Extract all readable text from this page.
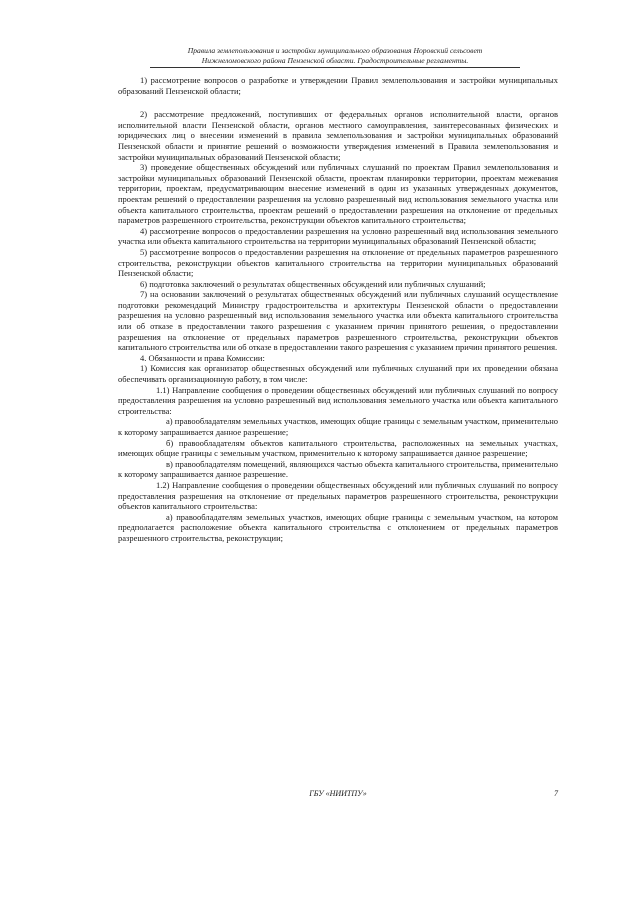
Правила землепользования и застройки муниципального образования Норовский сельсовет
Нижнеломовского района Пензенской области. Градостроительные регламенты.

1) рассмотрение вопросов о разработке и утверждении Правил землепользования и застройки муниципальных образований Пензенской области;

2) рассмотрение предложений, поступивших от федеральных органов исполнительной власти, органов исполнительной власти Пензенской области, органов местного самоуправления, заинтересованных физических и юридических лиц о внесении изменений в правила землепользования и застройки муниципальных образований Пензенской области и принятие решений о возможности утверждения изменений в Правила землепользования и застройки муниципальных образований Пензенской области;

3) проведение общественных обсуждений или публичных слушаний по проектам Правил землепользования и застройки муниципальных образований Пензенской области, проектам планировки территории, проектам межевания территории, проектам, предусматривающим внесение изменений в один из указанных утвержденных документов, проектам решений о предоставлении разрешения на условно разрешенный вид использования земельного участка или объекта капитального строительства, проектам решений о предоставлении разрешения на отклонение от предельных параметров разрешенного строительства, реконструкции объектов капитального строительства;

4) рассмотрение вопросов о предоставлении разрешения на условно разрешенный вид использования земельного участка или объекта капитального строительства на территории муниципальных образований Пензенской области;

5) рассмотрение вопросов о предоставлении разрешения на отклонение от предельных параметров разрешенного строительства, реконструкции объектов капитального строительства на территории муниципальных образований Пензенской области;

6) подготовка заключений о результатах общественных обсуждений или публичных слушаний;

7) на основании заключений о результатах общественных обсуждений или публичных слушаний осуществление подготовки рекомендаций Министру градостроительства и архитектуры Пензенской области о предоставлении разрешения на условно разрешенный вид использования земельного участка или объекта капитального строительства или об отказе в предоставлении такого разрешения с указанием причин принятого решения, о предоставлении разрешения на отклонение от предельных параметров разрешенного строительства, реконструкции объектов капитального строительства или об отказе в предоставлении такого разрешения с указанием причин принятого решения.

4. Обязанности и права Комиссии:

1) Комиссия как организатор общественных обсуждений или публичных слушаний при их проведении обязана обеспечивать организационную работу, в том числе:

1.1) Направление сообщения о проведении общественных обсуждений или публичных слушаний по вопросу предоставления разрешения на условно разрешенный вид использования земельного участка или объекта капитального строительства:

а) правообладателям земельных участков, имеющих общие границы с земельным участком, применительно к которому запрашивается данное разрешение;

б) правообладателям объектов капитального строительства, расположенных на земельных участках, имеющих общие границы с земельным участком, применительно к которому запрашивается данное разрешение;

в) правообладателям помещений, являющихся частью объекта капитального строительства, применительно к которому запрашивается данное разрешение.

1.2) Направление сообщения о проведении общественных обсуждений или публичных слушаний по вопросу предоставления разрешения на отклонение от предельных параметров разрешенного строительства, реконструкции объектов капитального строительства:

а) правообладателям земельных участков, имеющих общие границы с земельным участком, на котором предполагается расположение объекта капитального строительства с отклонением от предельных параметров разрешенного строительства, реконструкции;

ГБУ «НИИТПУ»	7
